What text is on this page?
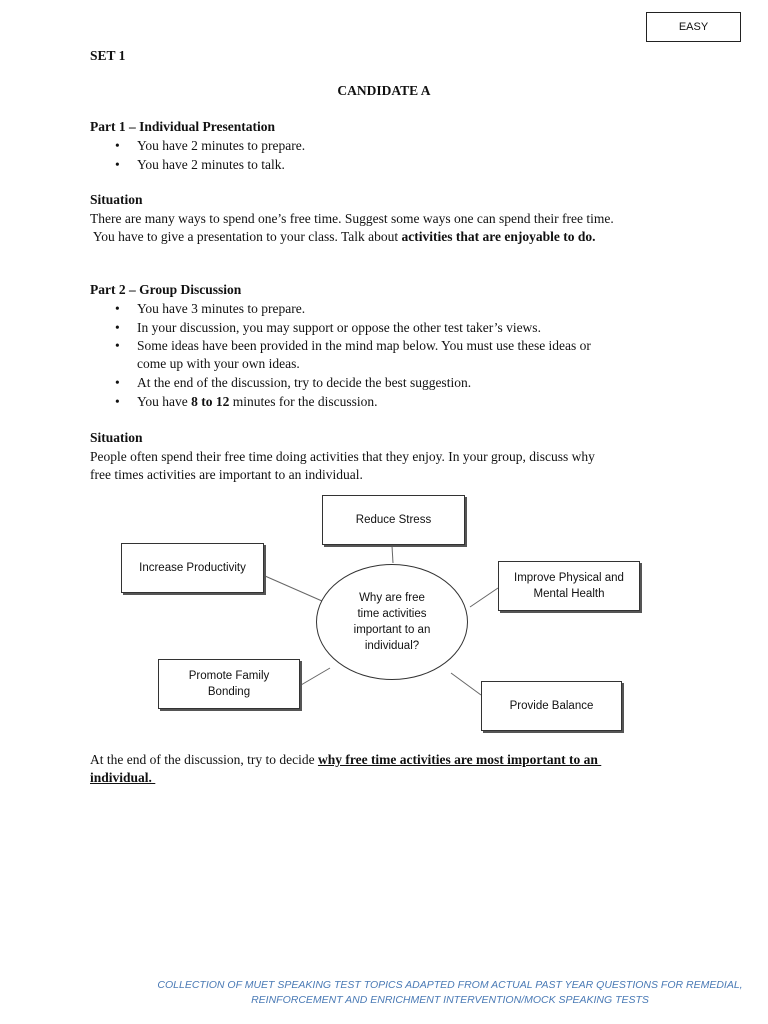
EASY
SET 1
CANDIDATE A
Part 1 – Individual Presentation
• You have 2 minutes to prepare.
• You have 2 minutes to talk.
Situation
There are many ways to spend one’s free time. Suggest some ways one can spend their free time.
You have to give a presentation to your class. Talk about activities that are enjoyable to do.
Part 2 – Group Discussion
• You have 3 minutes to prepare.
• In your discussion, you may support or oppose the other test taker’s views.
• Some ideas have been provided in the mind map below. You must use these ideas or
come up with your own ideas.
• At the end of the discussion, try to decide the best suggestion.
• You have 8 to 12 minutes for the discussion.
Situation
People often spend their free time doing activities that they enjoy. In your group, discuss why
free times activities are important to an individual.
Reduce Stress
Increase Productivity
Improve Physical and Mental Health
Promote Family Bonding
Provide Balance
Why are free time activities important to an individual?
At the end of the discussion, try to decide why free time activities are most important to an
individual.
COLLECTION OF MUET SPEAKING TEST TOPICS ADAPTED FROM ACTUAL PAST YEAR QUESTIONS FOR REMEDIAL,
REINFORCEMENT AND ENRICHMENT INTERVENTION/MOCK SPEAKING TESTS
